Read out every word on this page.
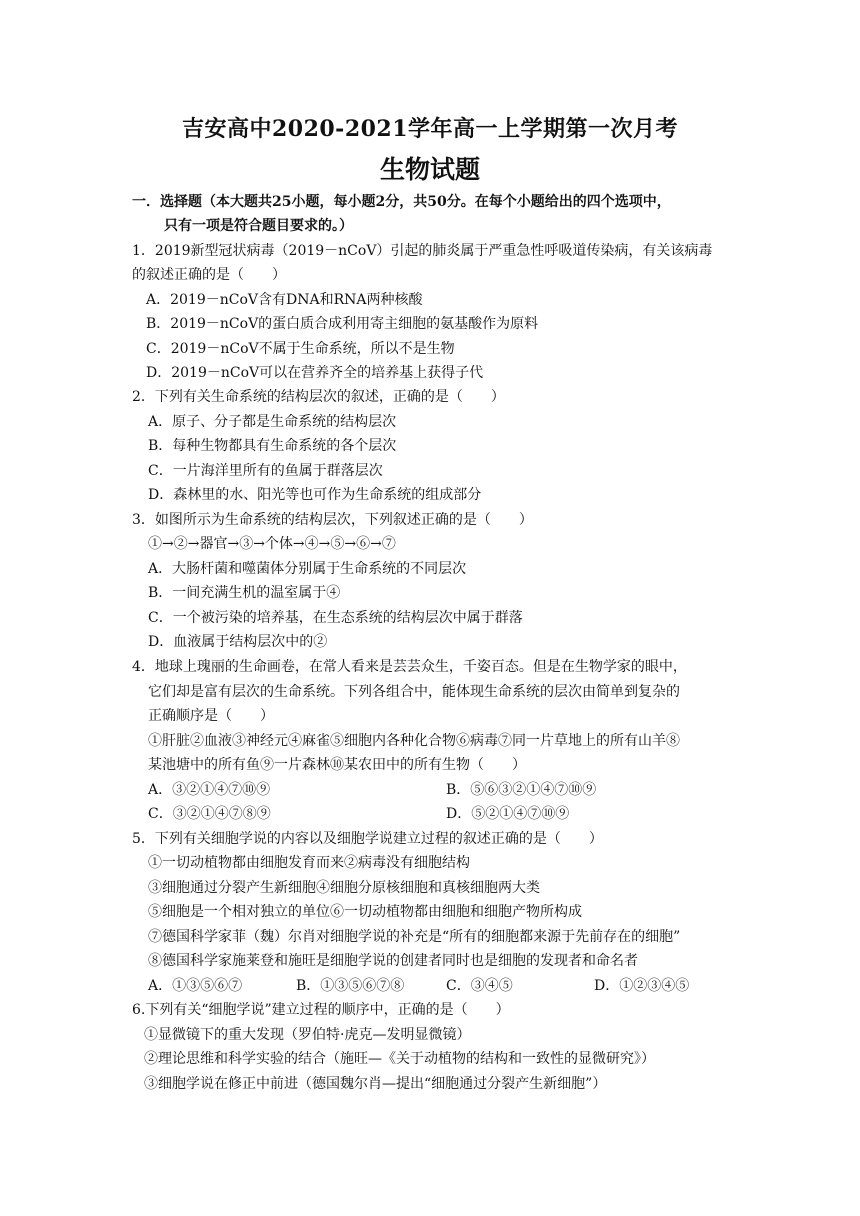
吉安高中2020-2021学年高一上学期第一次月考
生物试题
一．选择题（本大题共25小题，每小题2分，共50分。在每个小题给出的四个选项中，
只有一项是符合题目要求的。）
1．2019新型冠状病毒（2019－nCoV）引起的肺炎属于严重急性呼吸道传染病，有关该病毒
的叙述正确的是（　　）
A．2019－nCoV含有DNA和RNA两种核酸
B．2019－nCoV的蛋白质合成利用寄主细胞的氨基酸作为原料
C．2019－nCoV不属于生命系统，所以不是生物
D．2019－nCoV可以在营养齐全的培养基上获得子代
2．下列有关生命系统的结构层次的叙述，正确的是（　　）
A．原子、分子都是生命系统的结构层次
B．每种生物都具有生命系统的各个层次
C．一片海洋里所有的鱼属于群落层次
D．森林里的水、阳光等也可作为生命系统的组成部分
3．如图所示为生命系统的结构层次，下列叙述正确的是（　　）
①→②→器官→③→个体→④→⑤→⑥→⑦
A．大肠杆菌和噬菌体分别属于生命系统的不同层次
B．一间充满生机的温室属于④
C．一个被污染的培养基，在生态系统的结构层次中属于群落
D．血液属于结构层次中的②
4．地球上瑰丽的生命画卷，在常人看来是芸芸众生，千姿百态。但是在生物学家的眼中，
它们却是富有层次的生命系统。下列各组合中，能体现生命系统的层次由简单到复杂的
正确顺序是（　　）
①肝脏②血液③神经元④麻雀⑤细胞内各种化合物⑥病毒⑦同一片草地上的所有山羊⑧
某池塘中的所有鱼⑨一片森林⑩某农田中的所有生物（　　）
A．③②①④⑦⑩⑨	B．⑤⑥③②①④⑦⑩⑨
C．③②①④⑦⑧⑨	D．⑤②①④⑦⑩⑨
5．下列有关细胞学说的内容以及细胞学说建立过程的叙述正确的是（　　）
①一切动植物都由细胞发育而来②病毒没有细胞结构
③细胞通过分裂产生新细胞④细胞分原核细胞和真核细胞两大类
⑤细胞是一个相对独立的单位⑥一切动植物都由细胞和细胞产物所构成
⑦德国科学家菲（魏）尔肖对细胞学说的补充是“所有的细胞都来源于先前存在的细胞”
⑧德国科学家施莱登和施旺是细胞学说的创建者同时也是细胞的发现者和命名者
A．①③⑤⑥⑦	B．①③⑤⑥⑦⑧	C．③④⑤	D．①②③④⑤
6.下列有关“细胞学说”建立过程的顺序中，正确的是（　　）
①显微镜下的重大发现（罗伯特·虎克—发明显微镜）
②理论思维和科学实验的结合（施旺—《关于动植物的结构和一致性的显微研究》）
③细胞学说在修正中前进（德国魏尔肖—提出“细胞通过分裂产生新细胞”）
